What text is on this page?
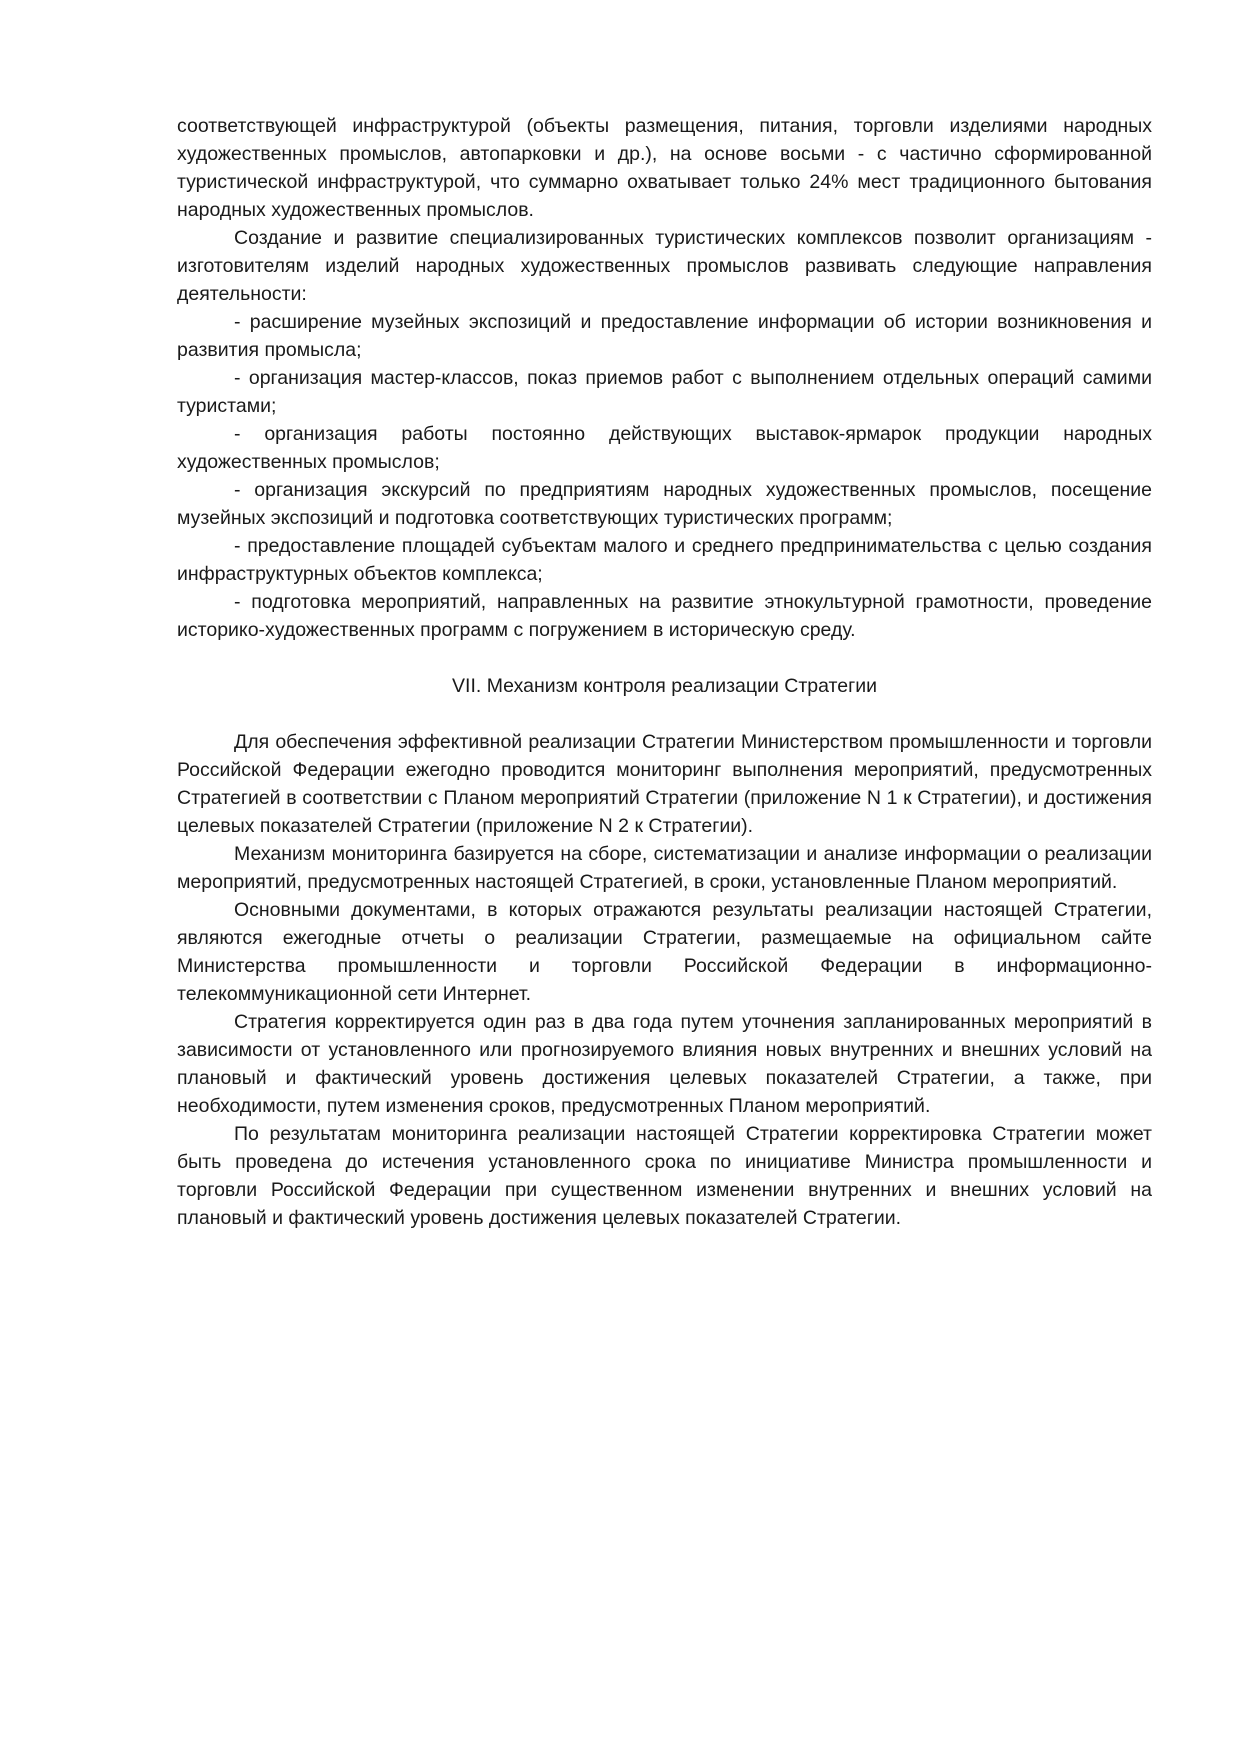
соответствующей инфраструктурой (объекты размещения, питания, торговли изделиями народных художественных промыслов, автопарковки и др.), на основе восьми - с частично сформированной туристической инфраструктурой, что суммарно охватывает только 24% мест традиционного бытования народных художественных промыслов.

Создание и развитие специализированных туристических комплексов позволит организациям - изготовителям изделий народных художественных промыслов развивать следующие направления деятельности:

- расширение музейных экспозиций и предоставление информации об истории возникновения и развития промысла;

- организация мастер-классов, показ приемов работ с выполнением отдельных операций самими туристами;

- организация работы постоянно действующих выставок-ярмарок продукции народных художественных промыслов;

- организация экскурсий по предприятиям народных художественных промыслов, посещение музейных экспозиций и подготовка соответствующих туристических программ;

- предоставление площадей субъектам малого и среднего предпринимательства с целью создания инфраструктурных объектов комплекса;

- подготовка мероприятий, направленных на развитие этнокультурной грамотности, проведение историко-художественных программ с погружением в историческую среду.

VII. Механизм контроля реализации Стратегии

Для обеспечения эффективной реализации Стратегии Министерством промышленности и торговли Российской Федерации ежегодно проводится мониторинг выполнения мероприятий, предусмотренных Стратегией в соответствии с Планом мероприятий Стратегии (приложение N 1 к Стратегии), и достижения целевых показателей Стратегии (приложение N 2 к Стратегии).

Механизм мониторинга базируется на сборе, систематизации и анализе информации о реализации мероприятий, предусмотренных настоящей Стратегией, в сроки, установленные Планом мероприятий.

Основными документами, в которых отражаются результаты реализации настоящей Стратегии, являются ежегодные отчеты о реализации Стратегии, размещаемые на официальном сайте Министерства промышленности и торговли Российской Федерации в информационно-телекоммуникационной сети Интернет.

Стратегия корректируется один раз в два года путем уточнения запланированных мероприятий в зависимости от установленного или прогнозируемого влияния новых внутренних и внешних условий на плановый и фактический уровень достижения целевых показателей Стратегии, а также, при необходимости, путем изменения сроков, предусмотренных Планом мероприятий.

По результатам мониторинга реализации настоящей Стратегии корректировка Стратегии может быть проведена до истечения установленного срока по инициативе Министра промышленности и торговли Российской Федерации при существенном изменении внутренних и внешних условий на плановый и фактический уровень достижения целевых показателей Стратегии.
